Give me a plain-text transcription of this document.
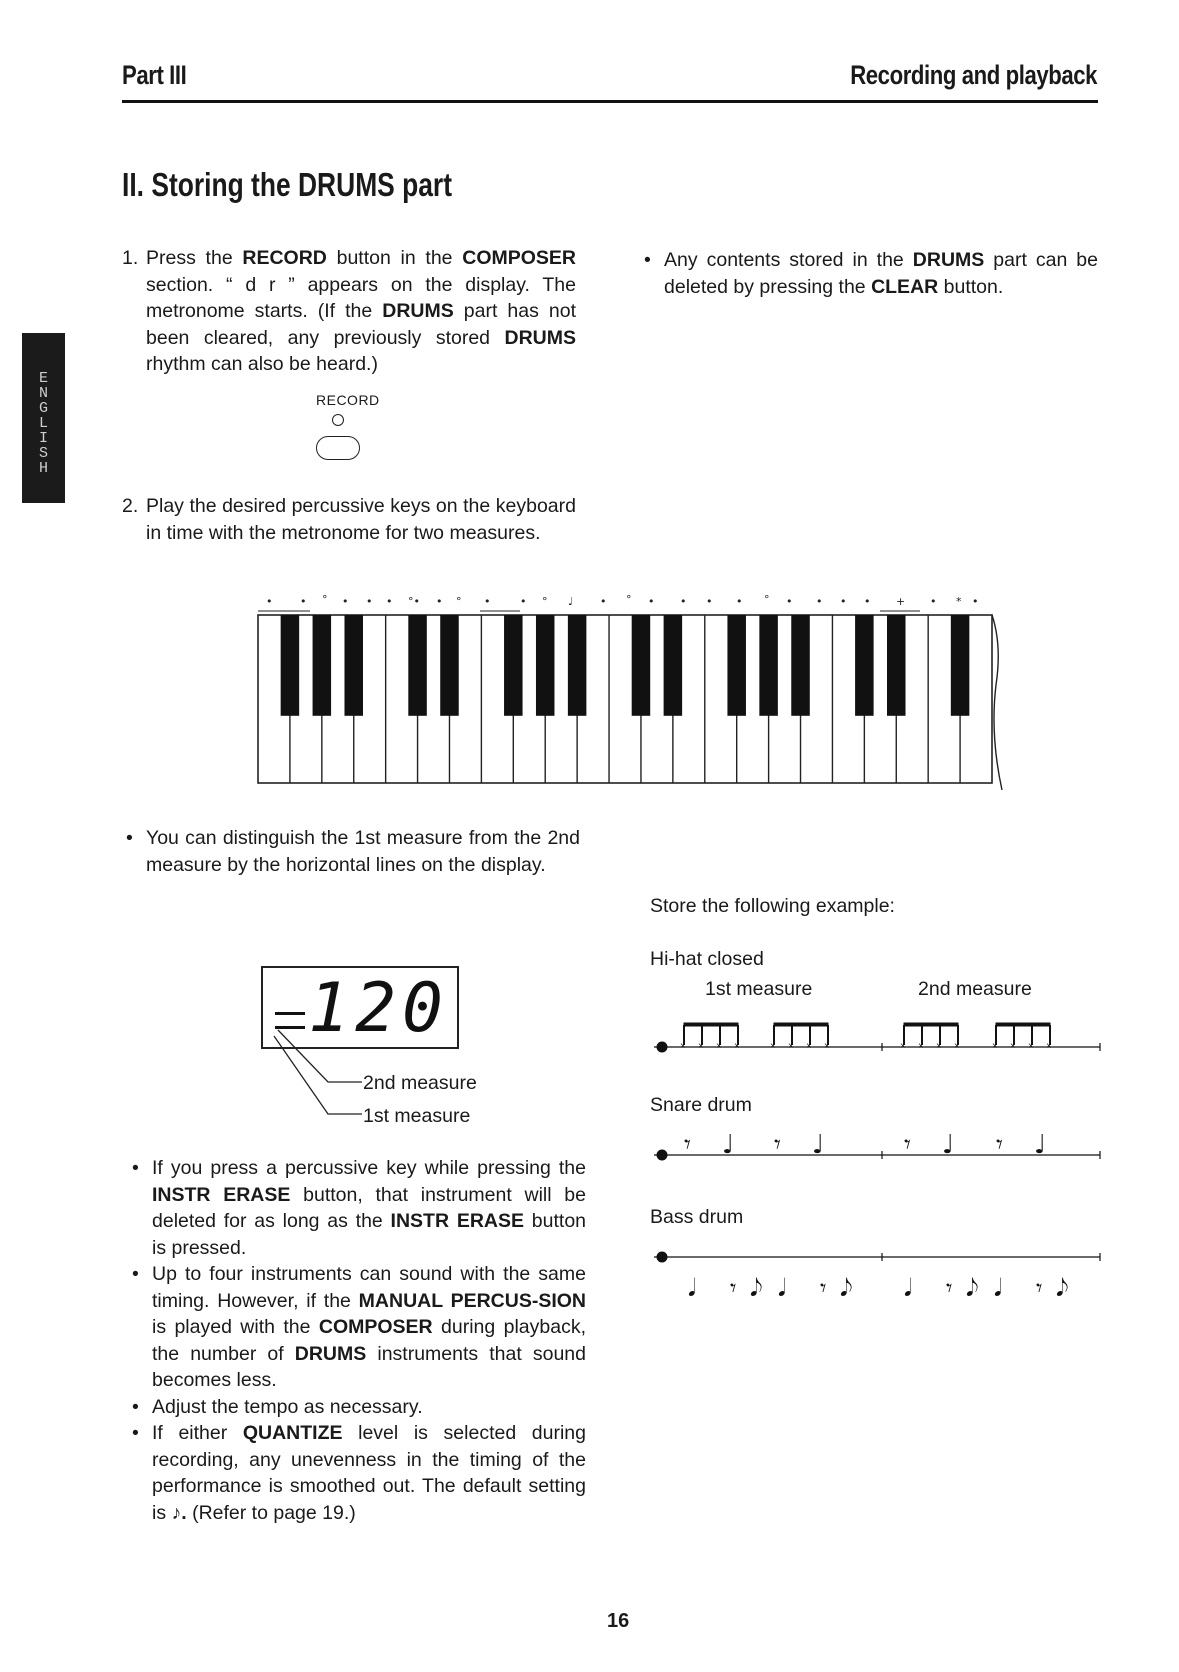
Part III	Recording and playback
E
N
G
L
I
S
H
II. Storing the DRUMS part
1. Press the RECORD button in the COMPOSER section. “ d r ” appears on the display. The metronome starts. (If the DRUMS part has not been cleared, any previously stored DRUMS rhythm can also be heard.)
RECORD
• Any contents stored in the DRUMS part can be deleted by pressing the CLEAR button.
2. Play the desired percussive keys on the keyboard in time with the metronome for two measures.
•	• ° • • • °• • ° •	• ° ♩ • ° • • • • ° • • • • + • * •
• You can distinguish the 1st measure from the 2nd measure by the horizontal lines on the display.
120
2nd measure
1st measure
• If you press a percussive key while pressing the INSTR ERASE button, that instrument will be deleted for as long as the INSTR ERASE button is pressed.
• Up to four instruments can sound with the same timing. However, if the MANUAL PERCUS-SION is played with the COMPOSER during playback, the number of DRUMS instruments that sound becomes less.
• Adjust the tempo as necessary.
• If either QUANTIZE level is selected during recording, any unevenness in the timing of the performance is smoothed out. The default setting is ♪. (Refer to page 19.)
Store the following example:
Hi-hat closed
1st measure	2nd measure
× × × ×	× × × ×	× × × ×	× × × ×
𝄾 ♩ 𝄾 ♩	𝄾 ♩ 𝄾 ♩
Snare drum
Bass drum
𝅘𝅥 𝄾 𝅘𝅥𝅮 𝅘𝅥 𝄾 𝅘𝅥𝅮 𝅘𝅥 𝄾 𝅘𝅥𝅮 𝅘𝅥 𝄾 𝅘𝅥𝅮
16
